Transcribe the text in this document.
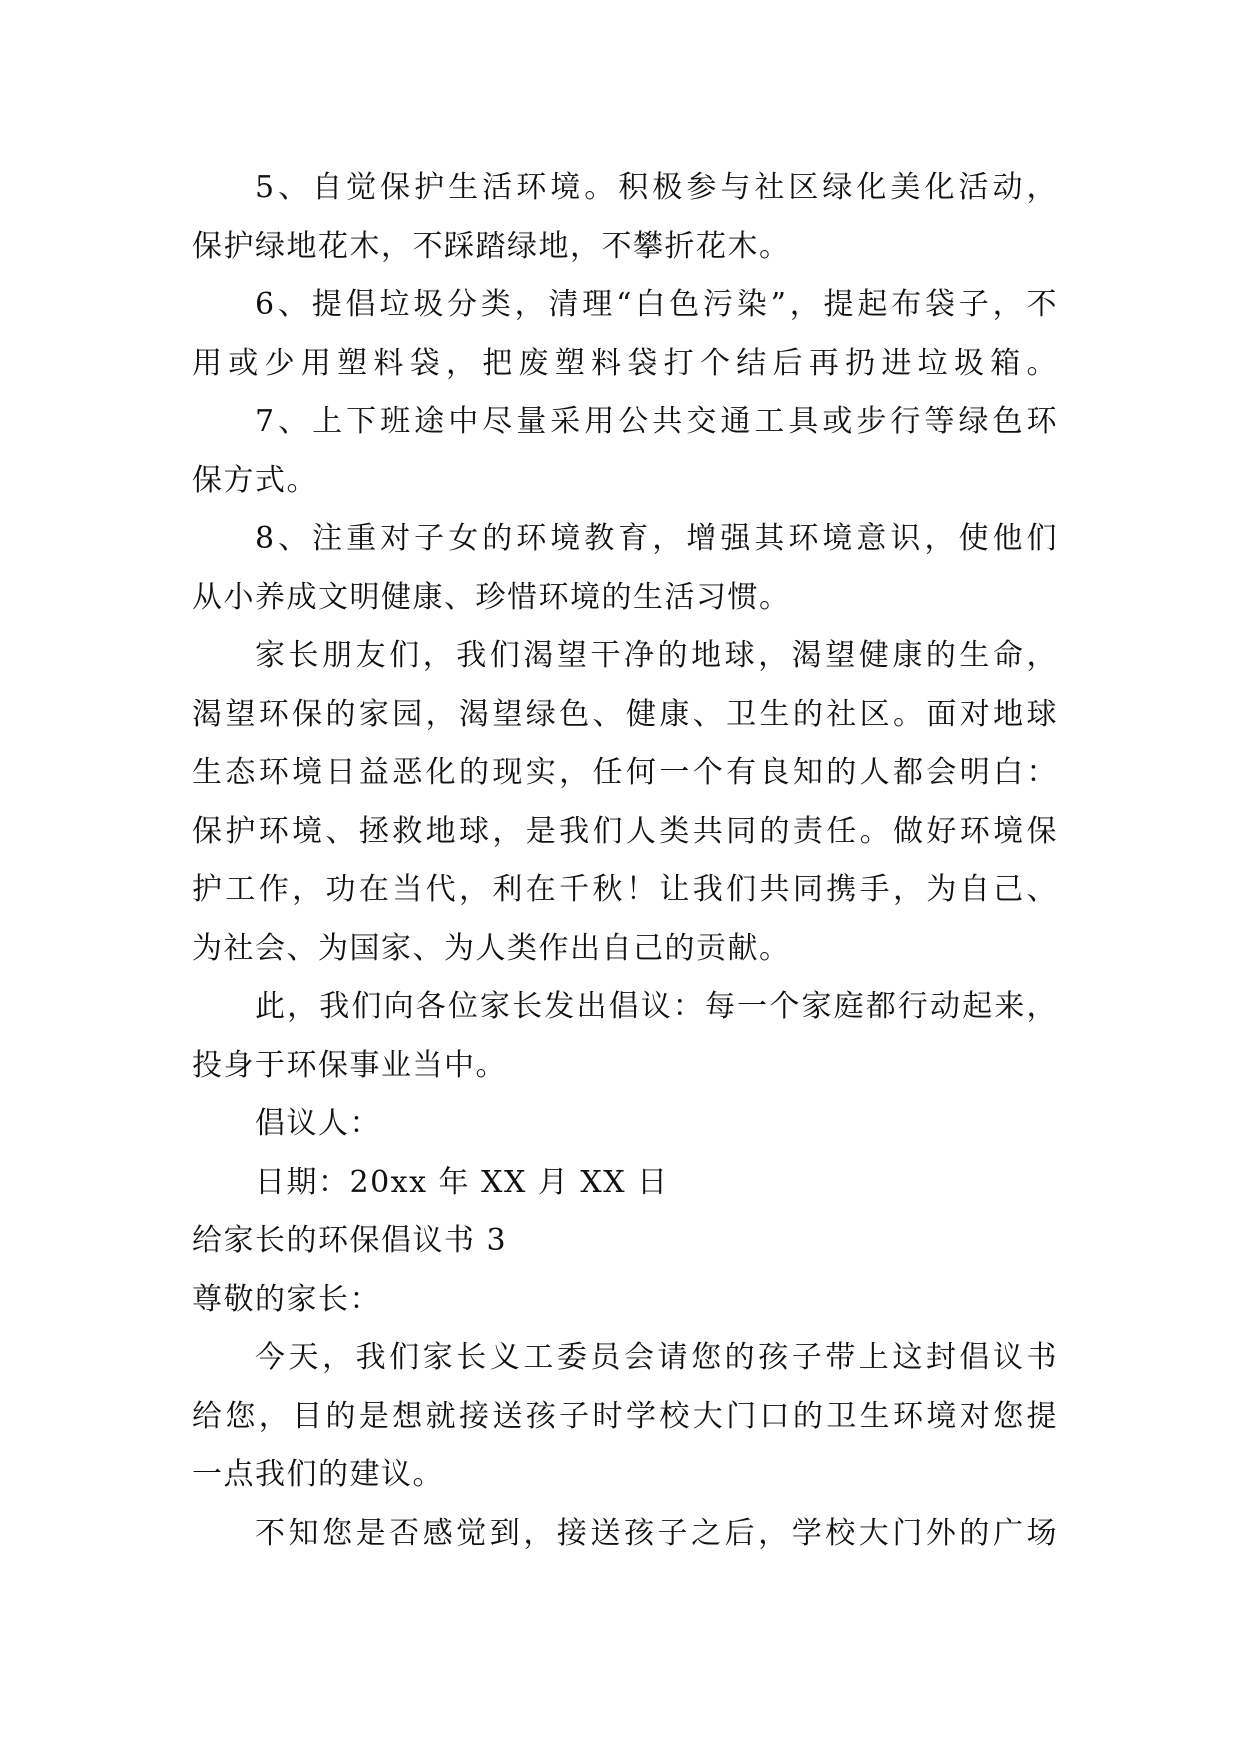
5、自觉保护生活环境。积极参与社区绿化美化活动，
保护绿地花木，不踩踏绿地，不攀折花木。
6、提倡垃圾分类，清理“白色污染”，提起布袋子，不
用或少用塑料袋，把废塑料袋打个结后再扔进垃圾箱。
7、上下班途中尽量采用公共交通工具或步行等绿色环
保方式。
8、注重对子女的环境教育，增强其环境意识，使他们
从小养成文明健康、珍惜环境的生活习惯。
家长朋友们，我们渴望干净的地球，渴望健康的生命，
渴望环保的家园，渴望绿色、健康、卫生的社区。面对地球
生态环境日益恶化的现实，任何一个有良知的人都会明白：
保护环境、拯救地球，是我们人类共同的责任。做好环境保
护工作，功在当代，利在千秋！让我们共同携手，为自己、
为社会、为国家、为人类作出自己的贡献。
此，我们向各位家长发出倡议：每一个家庭都行动起来，
投身于环保事业当中。
倡议人：
日期：20xx 年 XX 月 XX 日
给家长的环保倡议书 3
尊敬的家长：
今天，我们家长义工委员会请您的孩子带上这封倡议书
给您，目的是想就接送孩子时学校大门口的卫生环境对您提
一点我们的建议。
不知您是否感觉到，接送孩子之后，学校大门外的广场
